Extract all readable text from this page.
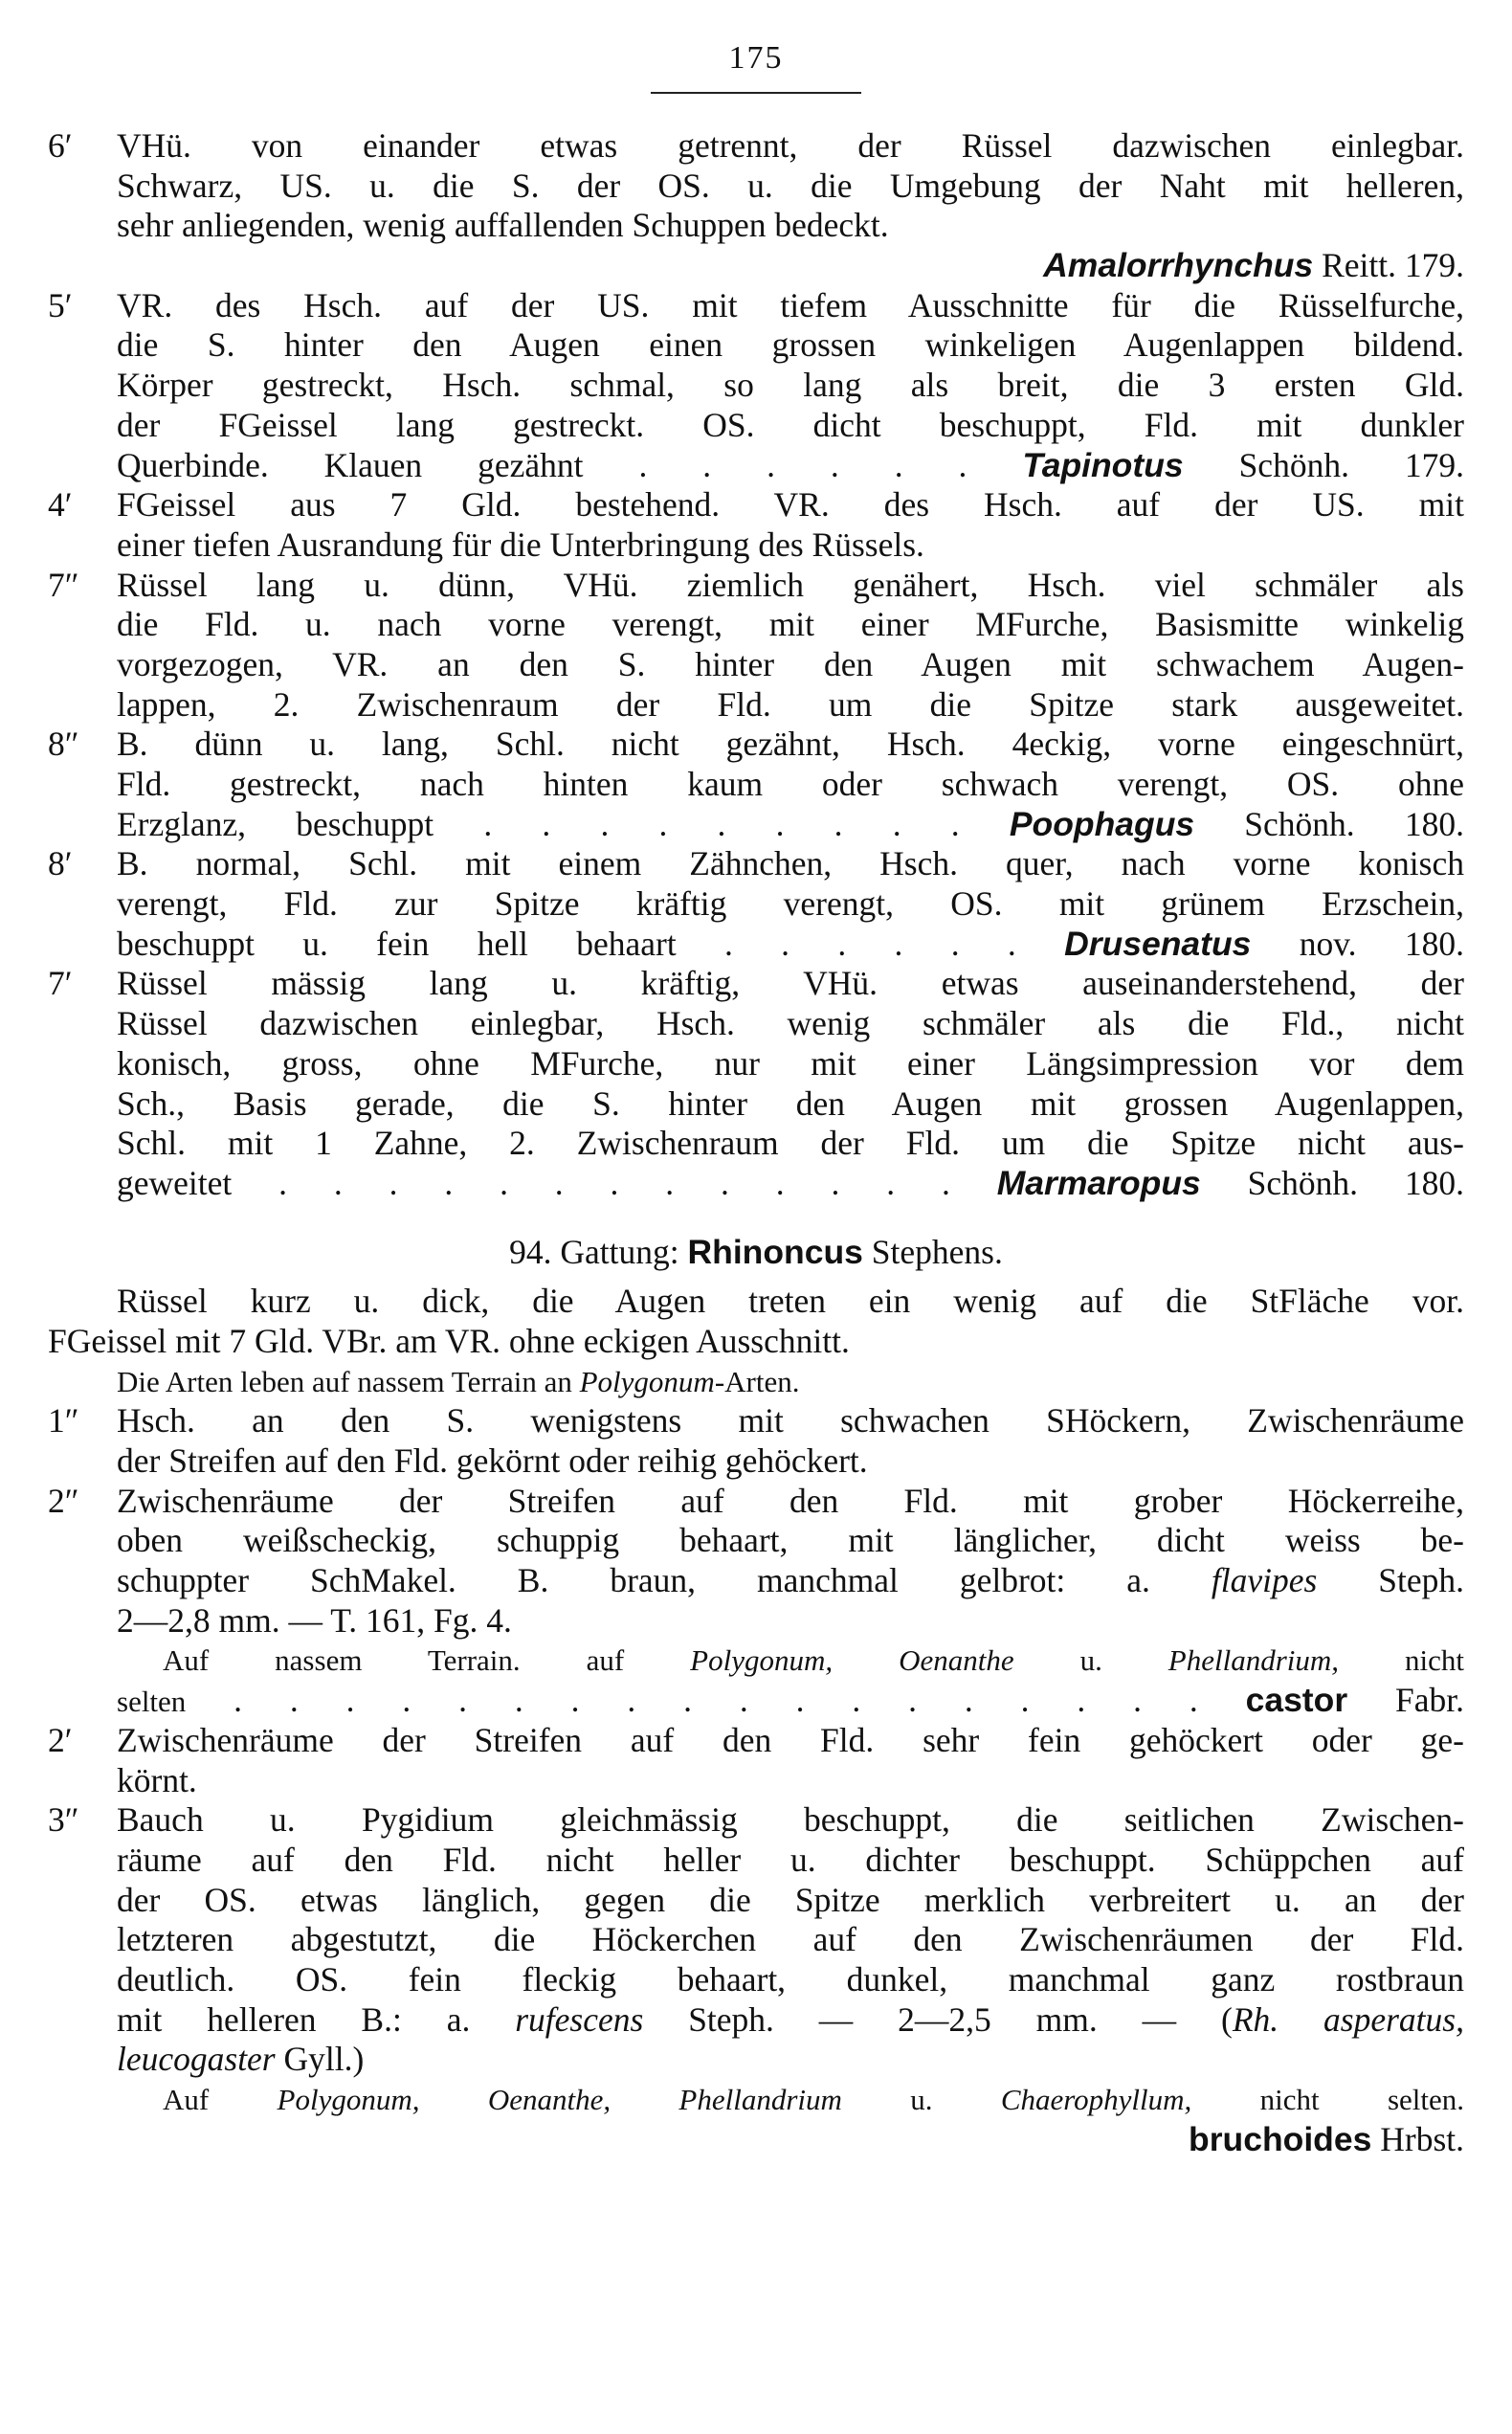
175
6′ VHü. von einander etwas getrennt, der Rüssel dazwischen einlegbar.
Schwarz, US. u. die S. der OS. u. die Umgebung der Naht mit helleren,
sehr anliegenden, wenig auffallenden Schuppen bedeckt.
Amalorrhynchus Reitt. 179.
5′ VR. des Hsch. auf der US. mit tiefem Ausschnitte für die Rüsselfurche,
die S. hinter den Augen einen grossen winkeligen Augenlappen bildend.
Körper gestreckt, Hsch. schmal, so lang als breit, die 3 ersten Gld.
der FGeissel lang gestreckt. OS. dicht beschuppt, Fld. mit dunkler
Querbinde. Klauen gezähnt . . . . . . Tapinotus Schönh. 179.
4′ FGeissel aus 7 Gld. bestehend. VR. des Hsch. auf der US. mit
einer tiefen Ausrandung für die Unterbringung des Rüssels.
7″ Rüssel lang u. dünn, VHü. ziemlich genähert, Hsch. viel schmäler als
die Fld. u. nach vorne verengt, mit einer MFurche, Basismitte winkelig
vorgezogen, VR. an den S. hinter den Augen mit schwachem Augen-
lappen, 2. Zwischenraum der Fld. um die Spitze stark ausgeweitet.
8″ B. dünn u. lang, Schl. nicht gezähnt, Hsch. 4eckig, vorne eingeschnürt,
Fld. gestreckt, nach hinten kaum oder schwach verengt, OS. ohne
Erzglanz, beschuppt . . . . . . . . . Poophagus Schönh. 180.
8′ B. normal, Schl. mit einem Zähnchen, Hsch. quer, nach vorne konisch
verengt, Fld. zur Spitze kräftig verengt, OS. mit grünem Erzschein,
beschuppt u. fein hell behaart . . . . . . Drusenatus nov. 180.
7′ Rüssel mässig lang u. kräftig, VHü. etwas auseinanderstehend, der
Rüssel dazwischen einlegbar, Hsch. wenig schmäler als die Fld., nicht
konisch, gross, ohne MFurche, nur mit einer Längsimpression vor dem
Sch., Basis gerade, die S. hinter den Augen mit grossen Augenlappen,
Schl. mit 1 Zahne, 2. Zwischenraum der Fld. um die Spitze nicht aus-
geweitet . . . . . . . . . . . . . Marmaropus Schönh. 180.
94. Gattung: Rhinoncus Stephens.
Rüssel kurz u. dick, die Augen treten ein wenig auf die StFläche vor.
FGeissel mit 7 Gld. VBr. am VR. ohne eckigen Ausschnitt.
Die Arten leben auf nassem Terrain an Polygonum-Arten.
1″ Hsch. an den S. wenigstens mit schwachen SHöckern, Zwischenräume
der Streifen auf den Fld. gekörnt oder reihig gehöckert.
2″ Zwischenräume der Streifen auf den Fld. mit grober Höckerreihe,
oben weißscheckig, schuppig behaart, mit länglicher, dicht weiss be-
schuppter SchMakel. B. braun, manchmal gelbrot: a. flavipes Steph.
2—2,8 mm. — T. 161, Fg. 4.
Auf nassem Terrain. auf Polygonum, Oenanthe u. Phellandrium, nicht
selten . . . . . . . . . . . . . . . . . . castor Fabr.
2′ Zwischenräume der Streifen auf den Fld. sehr fein gehöckert oder ge-
körnt.
3″ Bauch u. Pygidium gleichmässig beschuppt, die seitlichen Zwischen-
räume auf den Fld. nicht heller u. dichter beschuppt. Schüppchen auf
der OS. etwas länglich, gegen die Spitze merklich verbreitert u. an der
letzteren abgestutzt, die Höckerchen auf den Zwischenräumen der Fld.
deutlich. OS. fein fleckig behaart, dunkel, manchmal ganz rostbraun
mit helleren B.: a. rufescens Steph. — 2—2,5 mm. — (Rh. asperatus,
leucogaster Gyll.)
Auf Polygonum, Oenanthe, Phellandrium u. Chaerophyllum, nicht selten.
bruchoides Hrbst.
